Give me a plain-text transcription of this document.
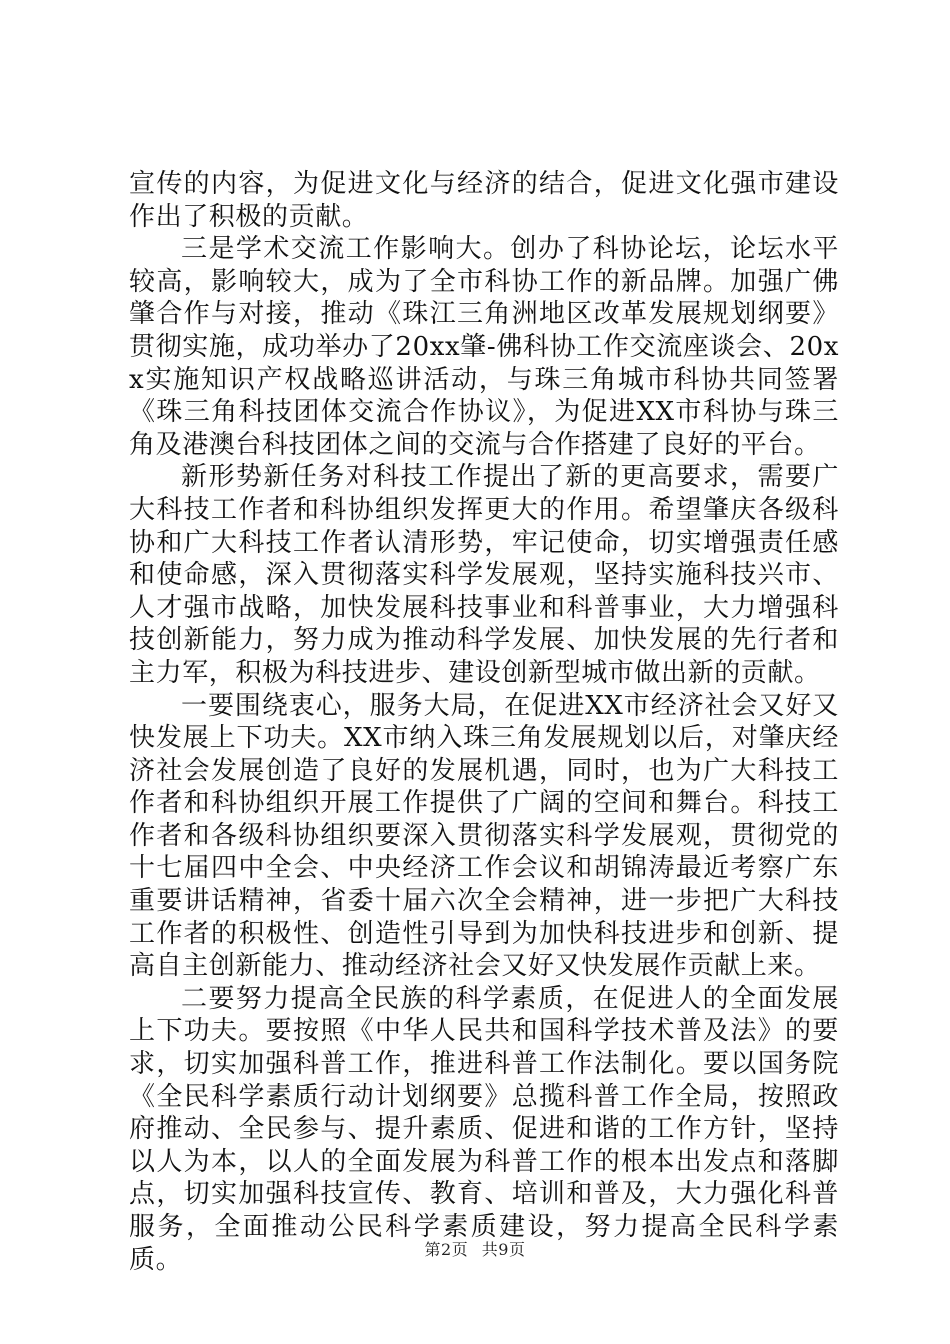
宣传的内容，为促进文化与经济的结合，促进文化强市建设作出了积极的贡献。

三是学术交流工作影响大。创办了科协论坛，论坛水平较高，影响较大，成为了全市科协工作的新品牌。加强广佛肇合作与对接，推动《珠江三角洲地区改革发展规划纲要》贯彻实施，成功举办了20xx肇-佛科协工作交流座谈会、20xx实施知识产权战略巡讲活动，与珠三角城市科协共同签署《珠三角科技团体交流合作协议》，为促进XX市科协与珠三角及港澳台科技团体之间的交流与合作搭建了良好的平台。

新形势新任务对科技工作提出了新的更高要求，需要广大科技工作者和科协组织发挥更大的作用。希望肇庆各级科协和广大科技工作者认清形势，牢记使命，切实增强责任感和使命感，深入贯彻落实科学发展观，坚持实施科技兴市、人才强市战略，加快发展科技事业和科普事业，大力增强科技创新能力，努力成为推动科学发展、加快发展的先行者和主力军，积极为科技进步、建设创新型城市做出新的贡献。

一要围绕衷心，服务大局，在促进XX市经济社会又好又快发展上下功夫。XX市纳入珠三角发展规划以后，对肇庆经济社会发展创造了良好的发展机遇，同时，也为广大科技工作者和科协组织开展工作提供了广阔的空间和舞台。科技工作者和各级科协组织要深入贯彻落实科学发展观，贯彻党的十七届四中全会、中央经济工作会议和胡锦涛最近考察广东重要讲话精神，省委十届六次全会精神，进一步把广大科技工作者的积极性、创造性引导到为加快科技进步和创新、提高自主创新能力、推动经济社会又好又快发展作贡献上来。

二要努力提高全民族的科学素质，在促进人的全面发展上下功夫。要按照《中华人民共和国科学技术普及法》的要求，切实加强科普工作，推进科普工作法制化。要以国务院《全民科学素质行动计划纲要》总揽科普工作全局，按照政府推动、全民参与、提升素质、促进和谐的工作方针，坚持以人为本，以人的全面发展为科普工作的根本出发点和落脚点，切实加强科技宣传、教育、培训和普及，大力强化科普服务，全面推动公民科学素质建设，努力提高全民科学素质。	第2页 共9页
